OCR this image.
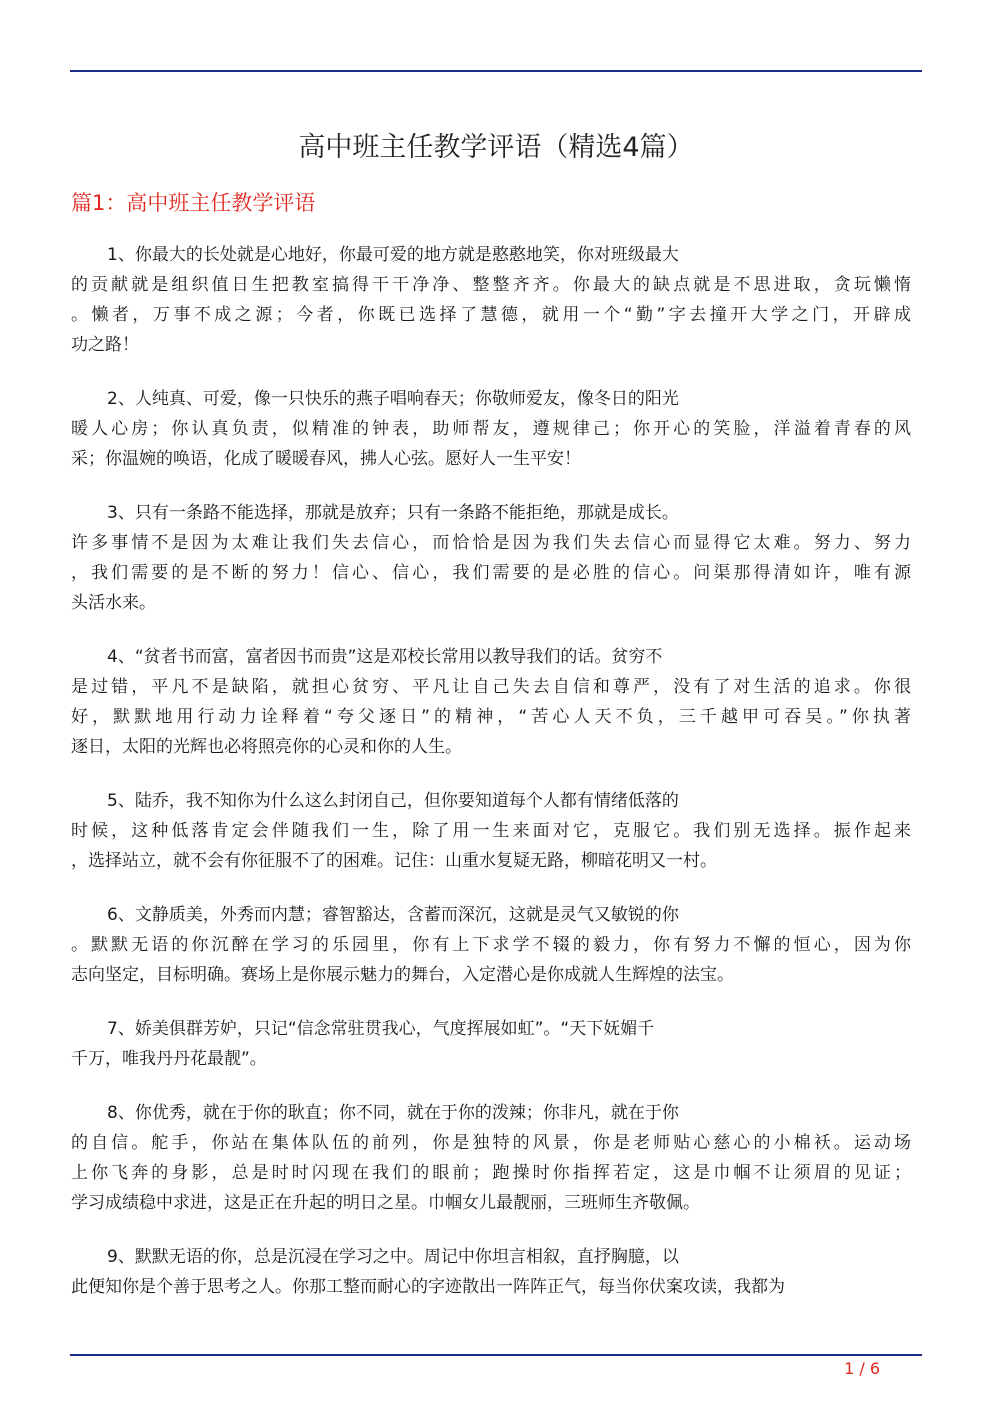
高中班主任教学评语（精选4篇）
篇1：高中班主任教学评语
1、你最大的长处就是心地好，你最可爱的地方就是憨憨地笑，你对班级最大
的贡献就是组织值日生把教室搞得干干净净、整整齐齐。你最大的缺点就是不思进取，贪玩懒惰
。懒者，万事不成之源；今者，你既已选择了慧德，就用一个“勤”字去撞开大学之门，开辟成
功之路！
2、人纯真、可爱，像一只快乐的燕子唱响春天；你敬师爱友，像冬日的阳光
暖人心房；你认真负责，似精准的钟表，助师帮友，遵规律己；你开心的笑脸，洋溢着青春的风
采；你温婉的唤语，化成了暖暖春风，拂人心弦。愿好人一生平安！
3、只有一条路不能选择，那就是放弃；只有一条路不能拒绝，那就是成长。
许多事情不是因为太难让我们失去信心，而恰恰是因为我们失去信心而显得它太难。努力、努力
，我们需要的是不断的努力！信心、信心，我们需要的是必胜的信心。问渠那得清如许，唯有源
头活水来。
4、“贫者书而富，富者因书而贵”这是邓校长常用以教导我们的话。贫穷不
是过错，平凡不是缺陷，就担心贫穷、平凡让自己失去自信和尊严，没有了对生活的追求。你很
好，默默地用行动力诠释着“夸父逐日”的精神，“苦心人天不负，三千越甲可吞吴。”你执著
逐日，太阳的光辉也必将照亮你的心灵和你的人生。
5、陆乔，我不知你为什么这么封闭自己，但你要知道每个人都有情绪低落的
时候，这种低落肯定会伴随我们一生，除了用一生来面对它，克服它。我们别无选择。振作起来
，选择站立，就不会有你征服不了的困难。记住：山重水复疑无路，柳暗花明又一村。
6、文静质美，外秀而内慧；睿智豁达，含蓄而深沉，这就是灵气又敏锐的你
。默默无语的你沉醉在学习的乐园里，你有上下求学不辍的毅力，你有努力不懈的恒心，因为你
志向坚定，目标明确。赛场上是你展示魅力的舞台，入定潜心是你成就人生辉煌的法宝。
7、娇美俱群芳妒，只记“信念常驻贯我心，气度挥展如虹”。“天下妩媚千
千万，唯我丹丹花最靓”。
8、你优秀，就在于你的耿直；你不同，就在于你的泼辣；你非凡，就在于你
的自信。舵手，你站在集体队伍的前列，你是独特的风景，你是老师贴心慈心的小棉袄。运动场
上你飞奔的身影，总是时时闪现在我们的眼前；跑操时你指挥若定，这是巾帼不让须眉的见证；
学习成绩稳中求进，这是正在升起的明日之星。巾帼女儿最靓丽，三班师生齐敬佩。
9、默默无语的你，总是沉浸在学习之中。周记中你坦言相叙，直抒胸臆，以
此便知你是个善于思考之人。你那工整而耐心的字迹散出一阵阵正气，每当你伏案攻读，我都为
1 / 6
